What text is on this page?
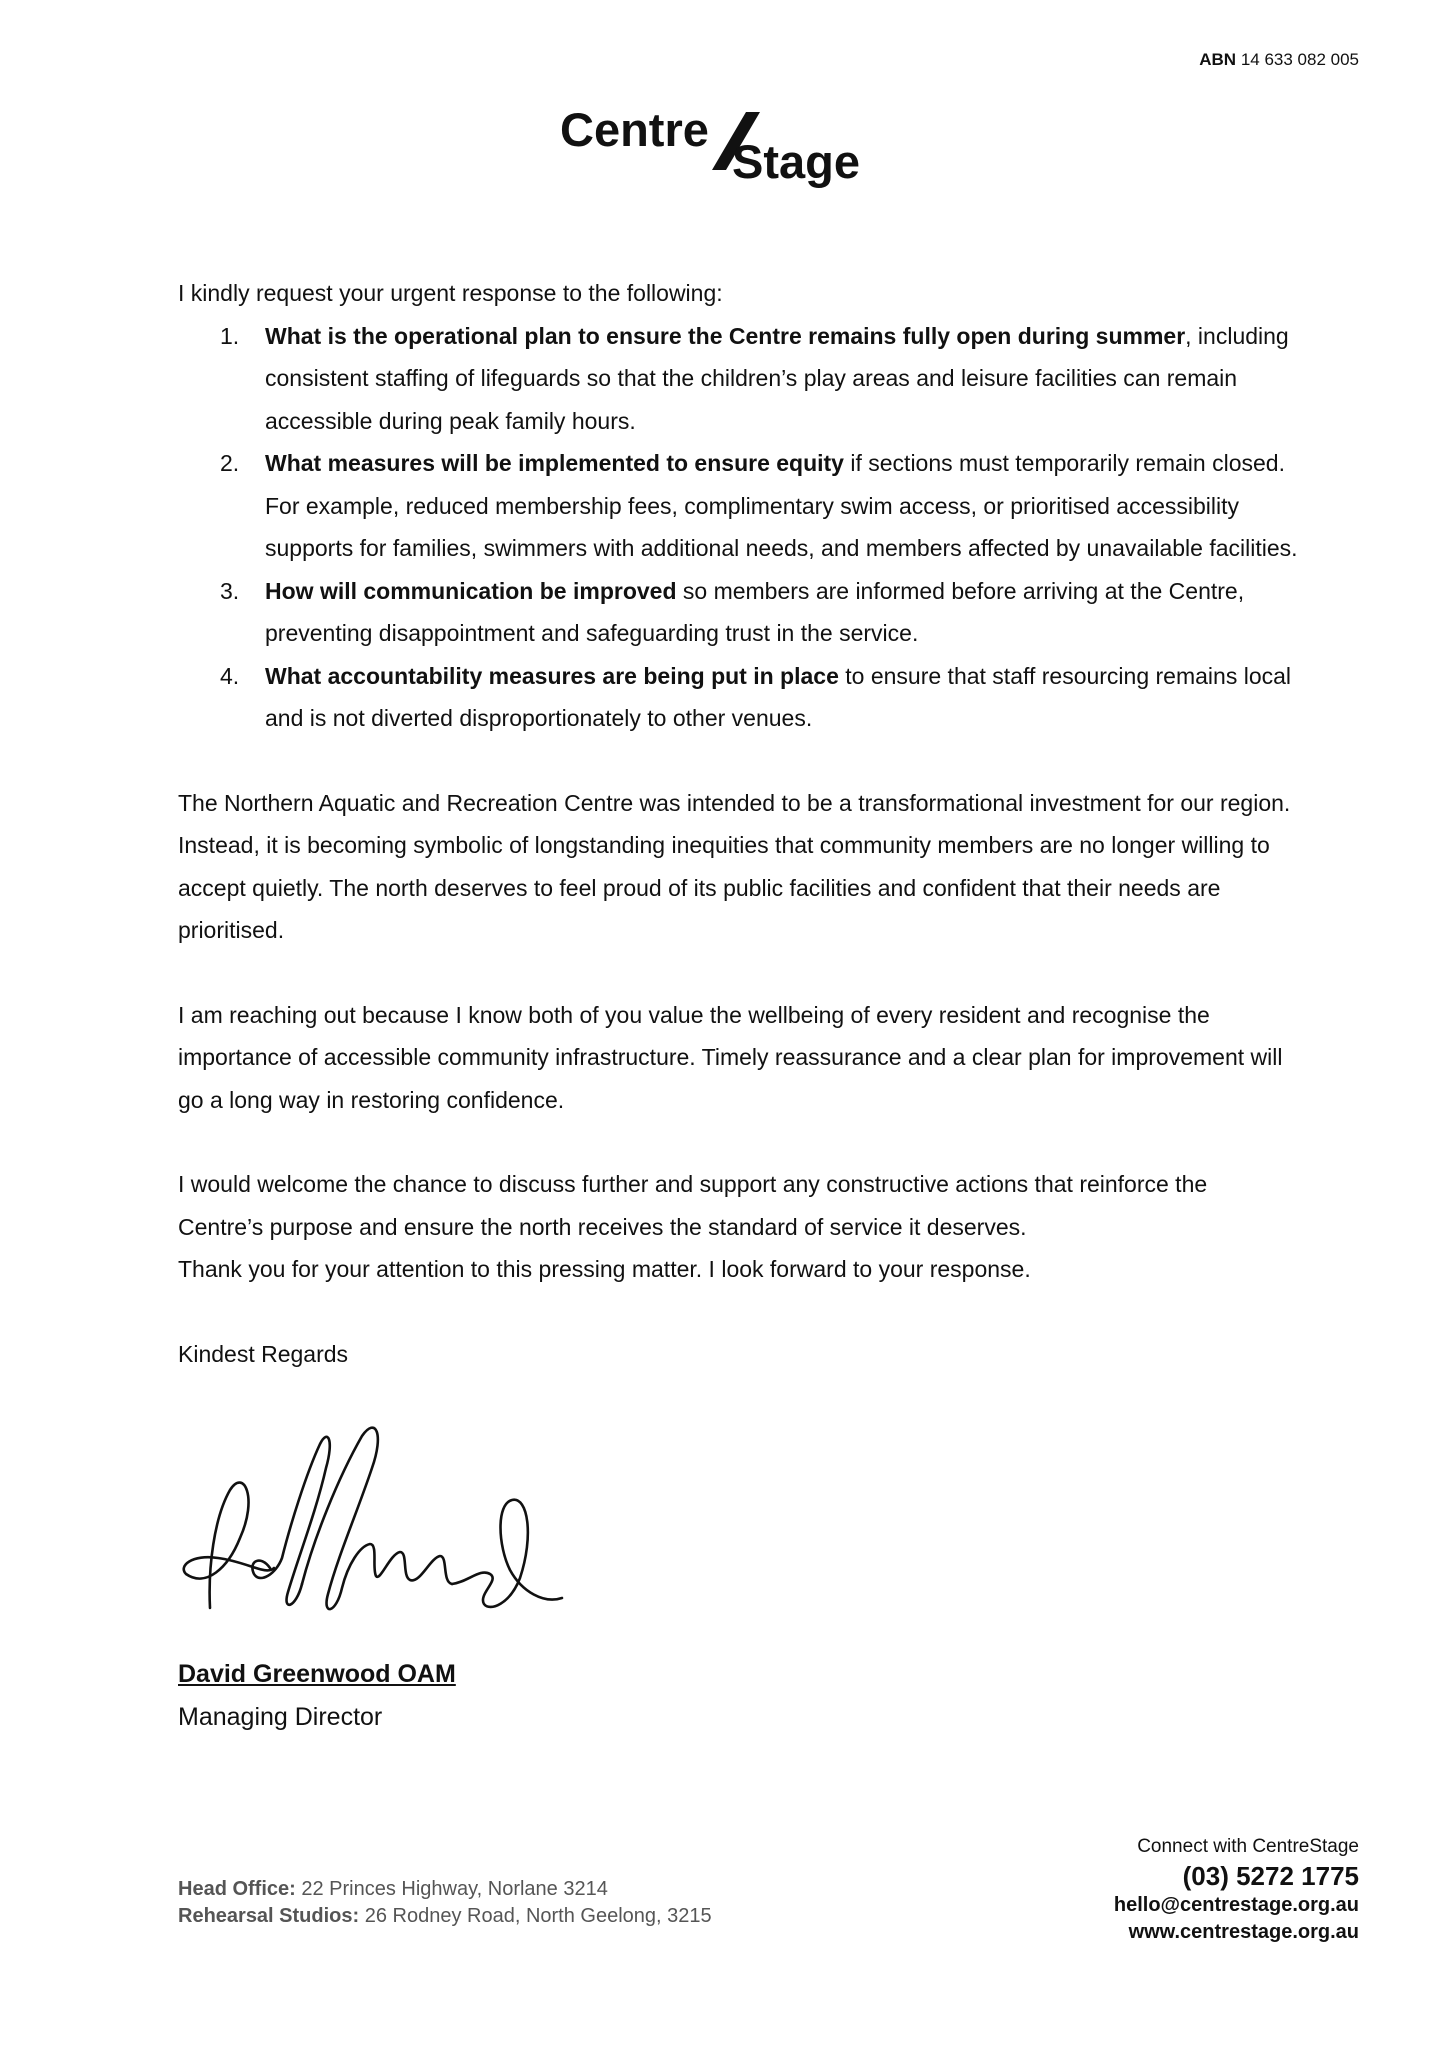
ABN 14 633 082 005
Centre
Stage

I kindly request your urgent response to the following:

1. What is the operational plan to ensure the Centre remains fully open during summer, including consistent staffing of lifeguards so that the children’s play areas and leisure facilities can remain accessible during peak family hours.
2. What measures will be implemented to ensure equity if sections must temporarily remain closed. For example, reduced membership fees, complimentary swim access, or prioritised accessibility supports for families, swimmers with additional needs, and members affected by unavailable facilities.
3. How will communication be improved so members are informed before arriving at the Centre, preventing disappointment and safeguarding trust in the service.
4. What accountability measures are being put in place to ensure that staff resourcing remains local and is not diverted disproportionately to other venues.

The Northern Aquatic and Recreation Centre was intended to be a transformational investment for our region. Instead, it is becoming symbolic of longstanding inequities that community members are no longer willing to accept quietly. The north deserves to feel proud of its public facilities and confident that their needs are prioritised.

I am reaching out because I know both of you value the wellbeing of every resident and recognise the importance of accessible community infrastructure. Timely reassurance and a clear plan for improvement will go a long way in restoring confidence.

I would welcome the chance to discuss further and support any constructive actions that reinforce the Centre’s purpose and ensure the north receives the standard of service it deserves.

Thank you for your attention to this pressing matter. I look forward to your response.

Kindest Regards

David Greenwood OAM
Managing Director
Head Office: 22 Princes Highway, Norlane 3214
Rehearsal Studios: 26 Rodney Road, North Geelong, 3215
Connect with CentreStage
(03) 5272 1775
hello@centrestage.org.au
www.centrestage.org.au
